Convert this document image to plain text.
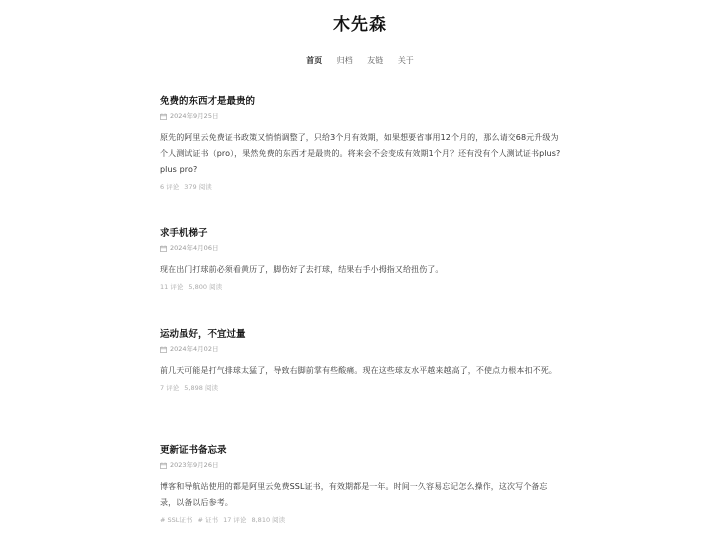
木先森
首页 归档 友链 关于
免费的东西才是最贵的
2024年9月25日
原先的阿里云免费证书政策又悄悄调整了，只给3个月有效期，如果想要省事用12个月的，那么请交68元升级为个人测试证书（pro），果然免费的东西才是最贵的。将来会不会变成有效期1个月？还有没有个人测试证书plus?plus pro?
6 评论 379 阅读
求手机梯子
2024年4月06日
现在出门打球前必须看黄历了，脚伤好了去打球，结果右手小拇指又给扭伤了。
11 评论 5,800 阅读
运动虽好，不宜过量
2024年4月02日
前几天可能是打气排球太猛了，导致右脚前掌有些酸痛。现在这些球友水平越来越高了，不使点力根本扣不死。
7 评论 5,898 阅读
更新证书备忘录
2023年9月26日
博客和导航站使用的都是阿里云免费SSL证书，有效期都是一年。时间一久容易忘记怎么操作，这次写个备忘录，以备以后参考。
# SSL证书 # 证书 17 评论 8,810 阅读
